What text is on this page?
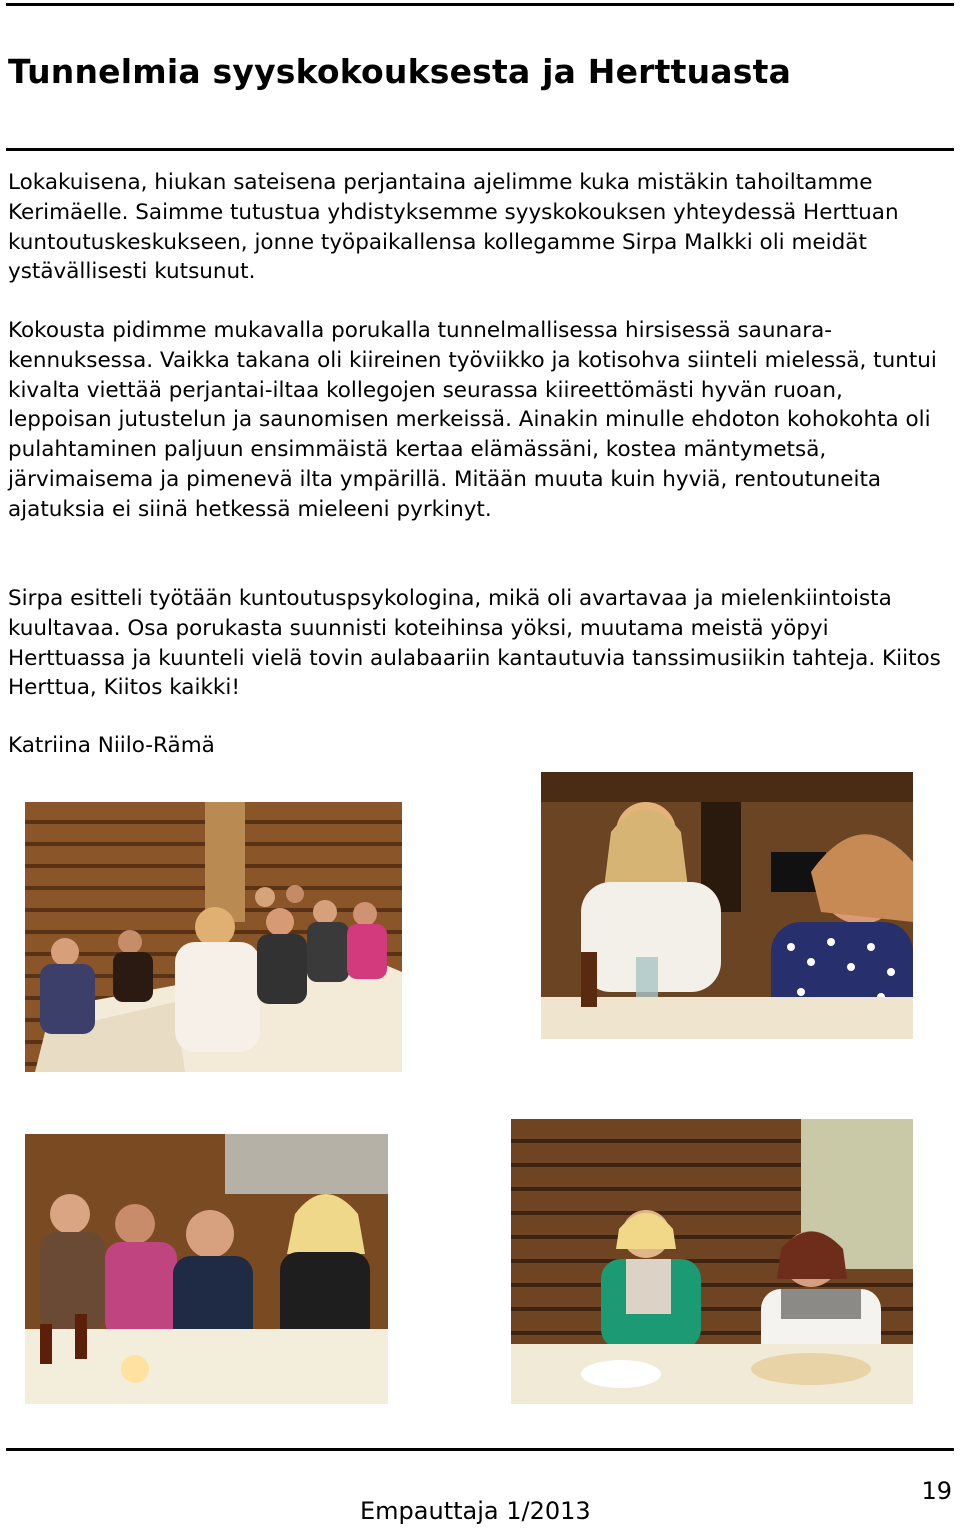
Tunnelmia syyskokouksesta ja Herttuasta

Lokakuisena, hiukan sateisena perjantaina ajelimme kuka mistäkin tahoiltamme Kerimäelle. Saimme tutustua yhdistyksemme syyskokouksen yhteydessä Herttuan kuntoutuskeskukseen, jonne työpaikallensa kollegamme Sirpa Malkki oli meidät ystävällisesti kutsunut.

Kokousta pidimme mukavalla porukalla tunnelmallisessa hirsisessä saunarakennuksessa. Vaikka takana oli kiireinen työviikko ja kotisohva siinteli mielessä, tuntui kivalta viettää perjantai-iltaa kollegojen seurassa kiireettömästi hyvän ruoan, leppoisan jutustelun ja saunomisen merkeissä. Ainakin minulle ehdoton kohokohta oli pulahtaminen paljuun ensimmäistä kertaa elämässäni, kostea mäntymetsä, järvimaisema ja pimenevä ilta ympärillä. Mitään muuta kuin hyviä, rentoutuneita ajatuksia ei siinä hetkessä mieleeni pyrkinyt.

Sirpa esitteli työtään kuntoutuspsykologina, mikä oli avartavaa ja mielenkiintoista kuultavaa. Osa porukasta suunnisti koteihinsa yöksi, muutama meistä yöpyi Herttuassa ja kuunteli vielä tovin aulabaariin kantautuvia tanssimusiikin tahteja. Kiitos Herttua, Kiitos kaikki!

Katriina Niilo-Rämä

19
Empauttaja 1/2013
